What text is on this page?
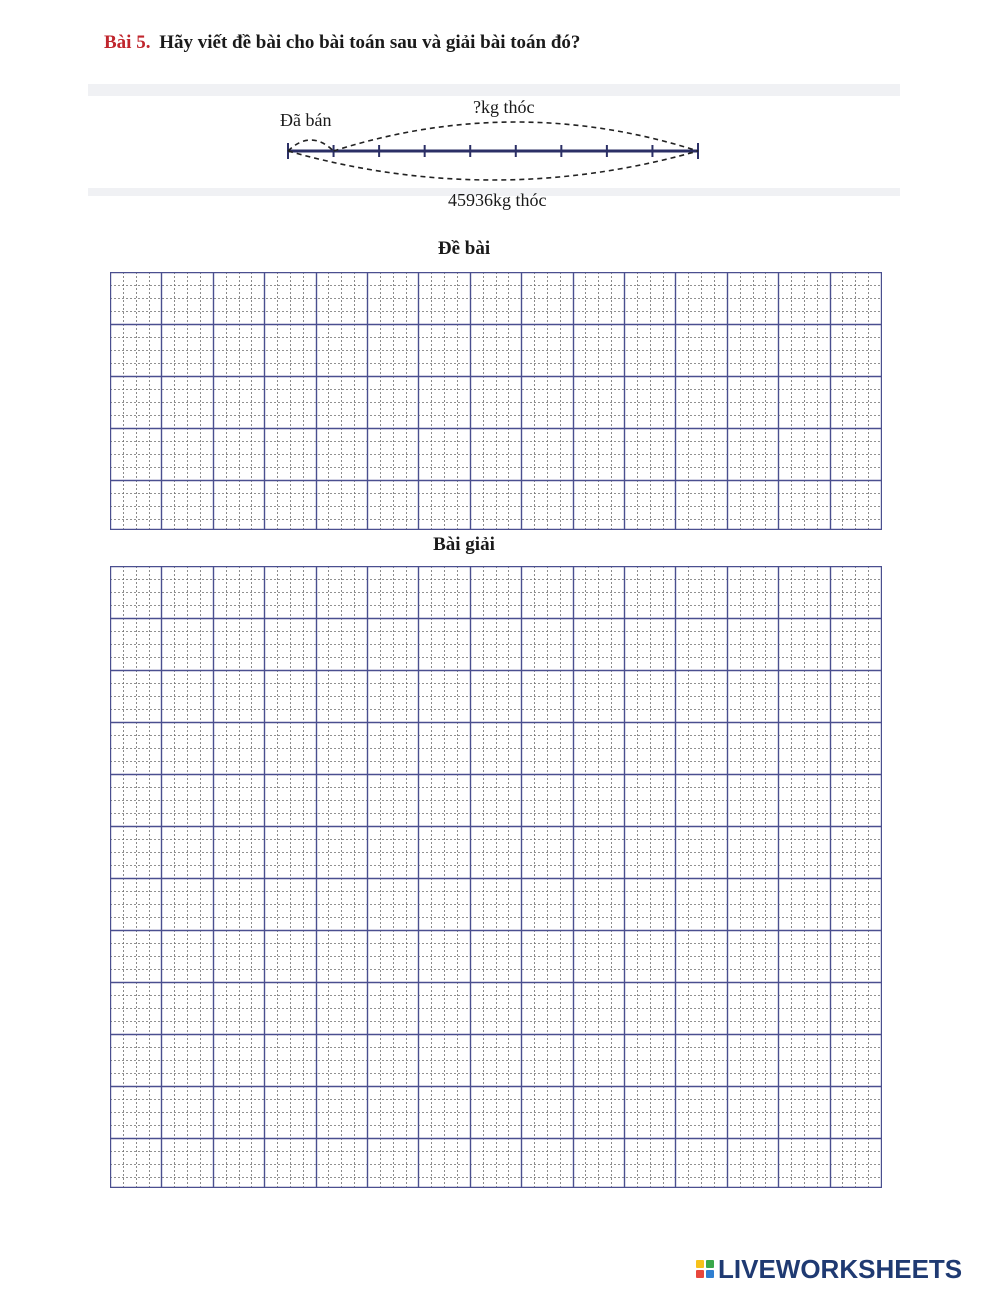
Bài 5. Hãy viết đề bài cho bài toán sau và giải bài toán đó?
Đã bán
?kg thóc
45936kg thóc
Đề bài
Bài giải
LIVEWORKSHEETS
